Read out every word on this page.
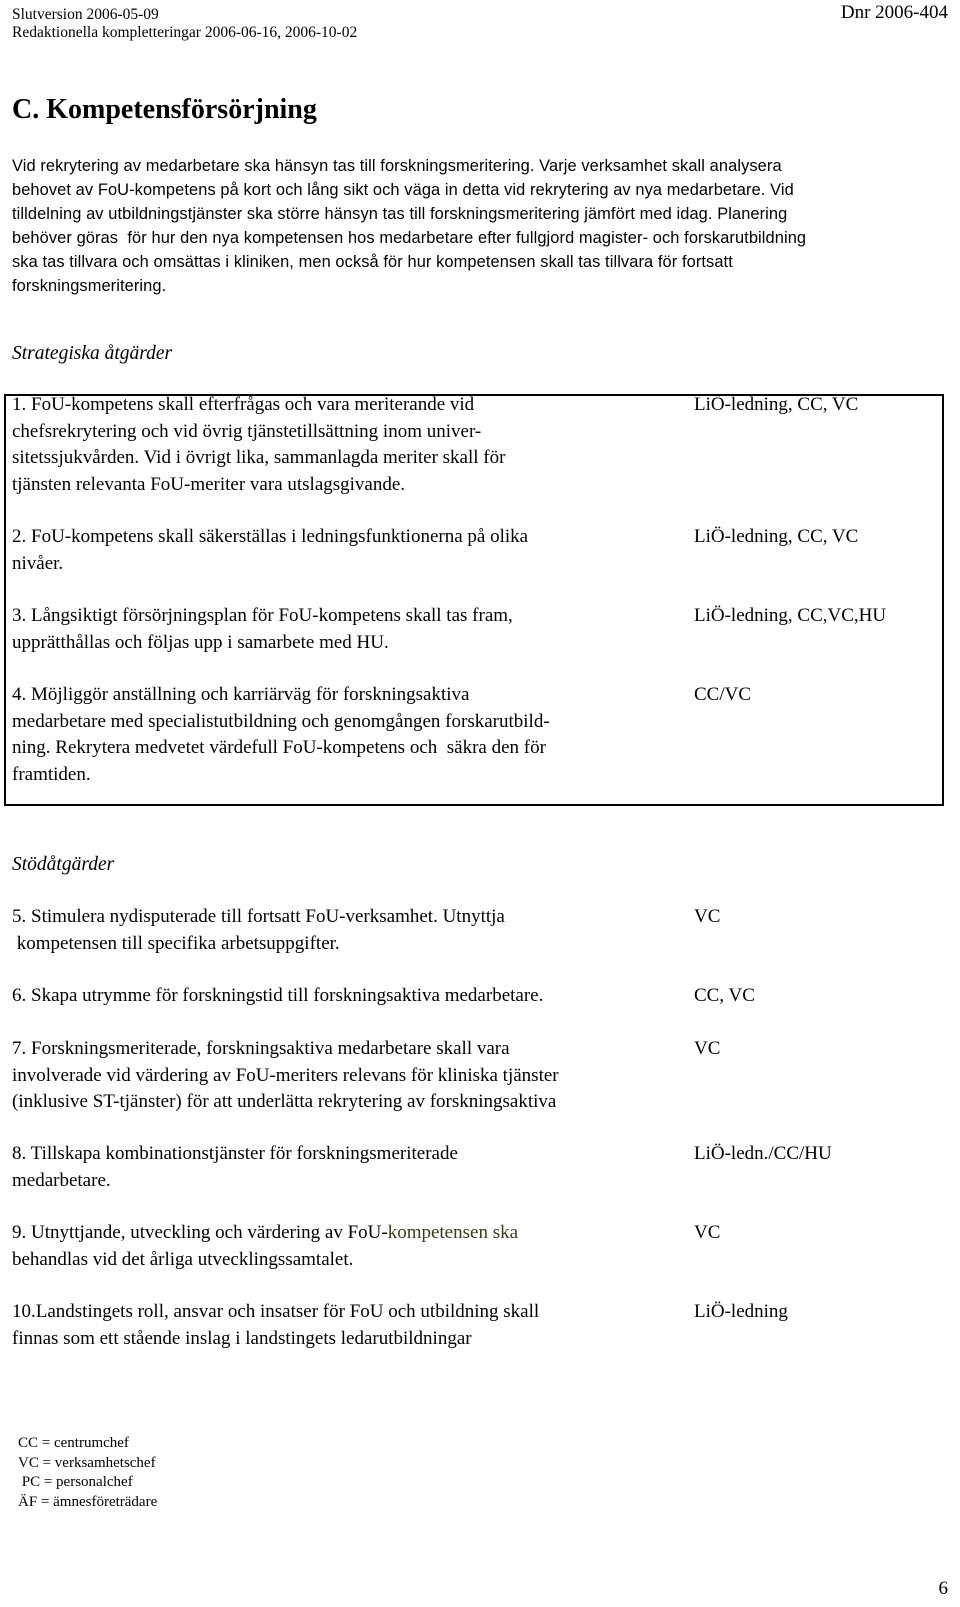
Slutversion 2006-05-09
Redaktionella kompletteringar 2006-06-16, 2006-10-02
Dnr 2006-404
C. Kompetensförsörjning
Vid rekrytering av medarbetare ska hänsyn tas till forskningsmeritering. Varje verksamhet skall analysera
behovet av FoU-kompetens på kort och lång sikt och väga in detta vid rekrytering av nya medarbetare. Vid
tilldelning av utbildningstjänster ska större hänsyn tas till forskningsmeritering jämfört med idag. Planering
behöver göras  för hur den nya kompetensen hos medarbetare efter fullgjord magister- och forskarutbildning
ska tas tillvara och omsättas i kliniken, men också för hur kompetensen skall tas tillvara för fortsatt
forskningsmeritering.
Strategiska åtgärder
1. FoU-kompetens skall efterfrågas och vara meriterande vid
chefsrekrytering och vid övrig tjänstetillsättning inom univer-
sitetssjukvården. Vid i övrigt lika, sammanlagda meriter skall för
tjänsten relevanta FoU-meriter vara utslagsgivande.
LiÖ-ledning, CC, VC
2. FoU-kompetens skall säkerställas i ledningsfunktionerna på olika
nivåer.
LiÖ-ledning, CC, VC
3. Långsiktigt försörjningsplan för FoU-kompetens skall tas fram,
upprätthållas och följas upp i samarbete med HU.
LiÖ-ledning, CC,VC,HU
4. Möjliggör anställning och karriärväg för forskningsaktiva
medarbetare med specialistutbildning och genomgången forskarutbild-
ning. Rekrytera medvetet värdefull FoU-kompetens och  säkra den för
framtiden.
CC/VC
Stödåtgärder
5. Stimulera nydisputerade till fortsatt FoU-verksamhet. Utnyttja
kompetensen till specifika arbetsuppgifter.
VC
6. Skapa utrymme för forskningstid till forskningsaktiva medarbetare.	CC, VC
7. Forskningsmeriterade, forskningsaktiva medarbetare skall vara
involverade vid värdering av FoU-meriters relevans för kliniska tjänster
(inklusive ST-tjänster) för att underlätta rekrytering av forskningsaktiva
VC
8. Tillskapa kombinationstjänster för forskningsmeriterade
medarbetare.
LiÖ-ledn./CC/HU
9. Utnyttjande, utveckling och värdering av FoU-kompetensen ska
behandlas vid det årliga utvecklingssamtalet.
VC
10.Landstingets roll, ansvar och insatser för FoU och utbildning skall
finnas som ett stående inslag i landstingets ledarutbildningar
LiÖ-ledning
CC = centrumchef
VC = verksamhetschef
PC = personalchef
ÄF = ämnesföreträdare
6
